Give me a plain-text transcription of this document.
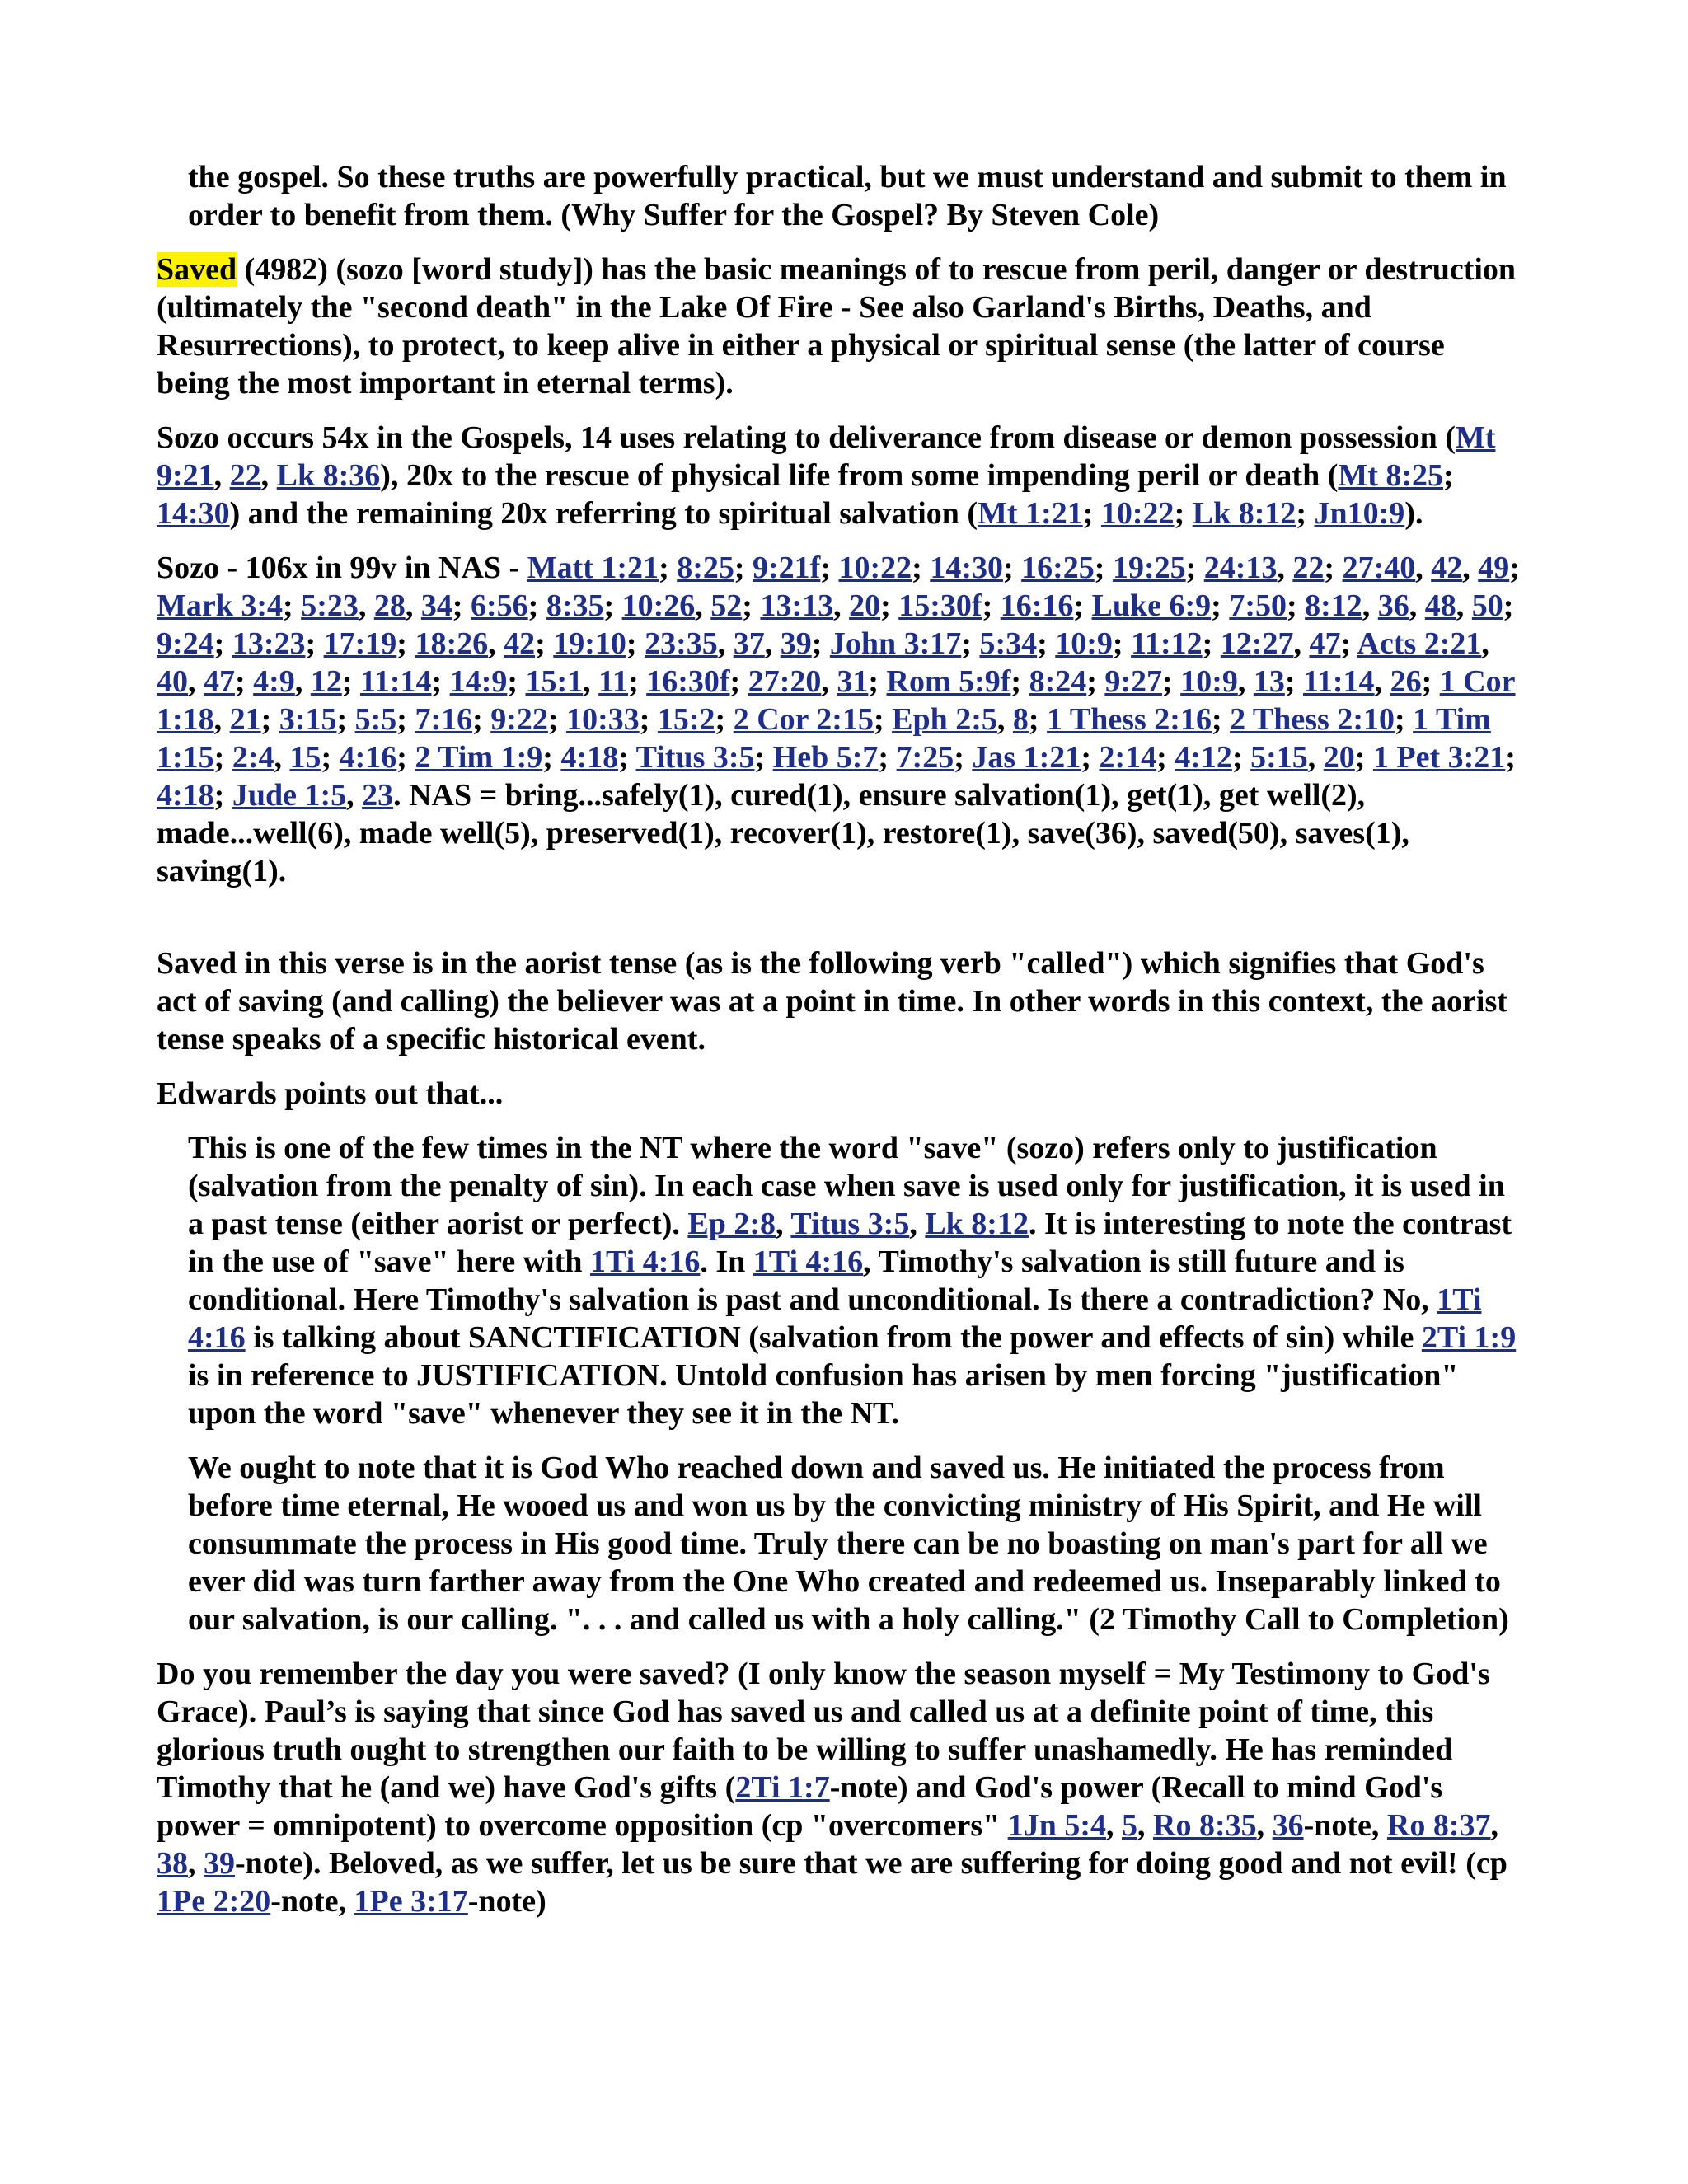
the gospel. So these truths are powerfully practical, but we must understand and submit to them in order to benefit from them. (Why Suffer for the Gospel? By Steven Cole)
Saved (4982) (sozo [word study]) has the basic meanings of to rescue from peril, danger or destruction (ultimately the "second death" in the Lake Of Fire - See also Garland's Births, Deaths, and Resurrections), to protect, to keep alive in either a physical or spiritual sense (the latter of course being the most important in eternal terms).
Sozo occurs 54x in the Gospels, 14 uses relating to deliverance from disease or demon possession (Mt 9:21, 22, Lk 8:36), 20x to the rescue of physical life from some impending peril or death (Mt 8:25; 14:30) and the remaining 20x referring to spiritual salvation (Mt 1:21; 10:22; Lk 8:12; Jn10:9).
Sozo - 106x in 99v in NAS - Matt 1:21; 8:25; 9:21f; 10:22; 14:30; 16:25; 19:25; 24:13, 22; 27:40, 42, 49; Mark 3:4; 5:23, 28, 34; 6:56; 8:35; 10:26, 52; 13:13, 20; 15:30f; 16:16; Luke 6:9; 7:50; 8:12, 36, 48, 50; 9:24; 13:23; 17:19; 18:26, 42; 19:10; 23:35, 37, 39; John 3:17; 5:34; 10:9; 11:12; 12:27, 47; Acts 2:21, 40, 47; 4:9, 12; 11:14; 14:9; 15:1, 11; 16:30f; 27:20, 31; Rom 5:9f; 8:24; 9:27; 10:9, 13; 11:14, 26; 1 Cor 1:18, 21; 3:15; 5:5; 7:16; 9:22; 10:33; 15:2; 2 Cor 2:15; Eph 2:5, 8; 1 Thess 2:16; 2 Thess 2:10; 1 Tim 1:15; 2:4, 15; 4:16; 2 Tim 1:9; 4:18; Titus 3:5; Heb 5:7; 7:25; Jas 1:21; 2:14; 4:12; 5:15, 20; 1 Pet 3:21; 4:18; Jude 1:5, 23. NAS = bring...safely(1), cured(1), ensure salvation(1), get(1), get well(2), made...well(6), made well(5), preserved(1), recover(1), restore(1), save(36), saved(50), saves(1), saving(1).
Saved in this verse is in the aorist tense (as is the following verb "called") which signifies that God's act of saving (and calling) the believer was at a point in time. In other words in this context, the aorist tense speaks of a specific historical event.
Edwards points out that...
This is one of the few times in the NT where the word "save" (sozo) refers only to justification (salvation from the penalty of sin). In each case when save is used only for justification, it is used in a past tense (either aorist or perfect). Ep 2:8, Titus 3:5, Lk 8:12. It is interesting to note the contrast in the use of "save" here with 1Ti 4:16. In 1Ti 4:16, Timothy's salvation is still future and is conditional. Here Timothy's salvation is past and unconditional. Is there a contradiction? No, 1Ti 4:16 is talking about SANCTIFICATION (salvation from the power and effects of sin) while 2Ti 1:9 is in reference to JUSTIFICATION. Untold confusion has arisen by men forcing "justification" upon the word "save" whenever they see it in the NT.
We ought to note that it is God Who reached down and saved us. He initiated the process from before time eternal, He wooed us and won us by the convicting ministry of His Spirit, and He will consummate the process in His good time. Truly there can be no boasting on man's part for all we ever did was turn farther away from the One Who created and redeemed us. Inseparably linked to our salvation, is our calling. ". . . and called us with a holy calling." (2 Timothy Call to Completion)
Do you remember the day you were saved? (I only know the season myself = My Testimony to God's Grace). Paul’s is saying that since God has saved us and called us at a definite point of time, this glorious truth ought to strengthen our faith to be willing to suffer unashamedly. He has reminded Timothy that he (and we) have God's gifts (2Ti 1:7-note) and God's power (Recall to mind God's power = omnipotent) to overcome opposition (cp "overcomers" 1Jn 5:4, 5, Ro 8:35, 36-note, Ro 8:37, 38, 39-note). Beloved, as we suffer, let us be sure that we are suffering for doing good and not evil! (cp 1Pe 2:20-note, 1Pe 3:17-note)
